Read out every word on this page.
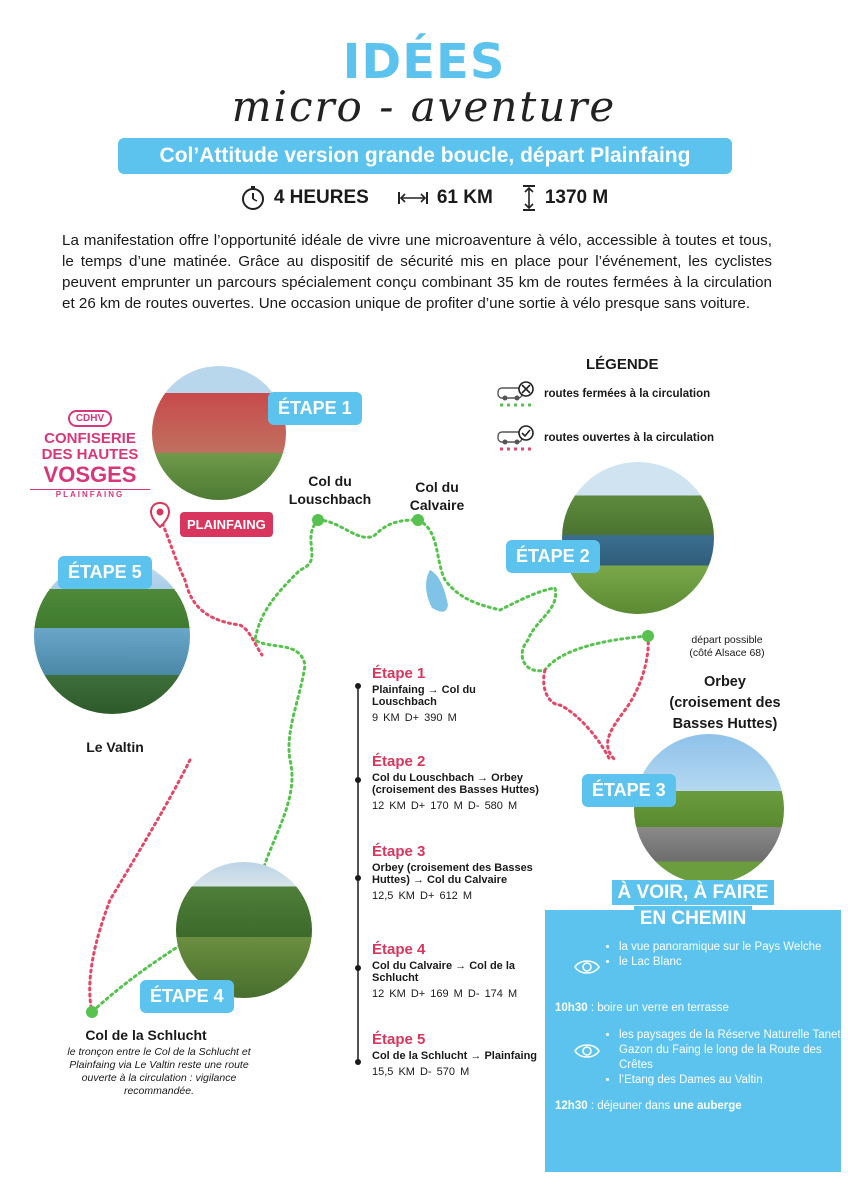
IDÉES
micro - aventure
Col’Attitude version grande boucle, départ Plainfaing
4 HEURES	61 KM	1370 M
La manifestation offre l’opportunité idéale de vivre une microaventure à vélo, accessible à toutes et tous, le temps d’une matinée. Grâce au dispositif de sécurité mis en place pour l’événement, les cyclistes peuvent emprunter un parcours spécialement conçu combinant 35 km de routes fermées à la circulation et 26 km de routes ouvertes. Une occasion unique de profiter d’une sortie à vélo presque sans voiture.
LÉGENDE
routes fermées à la circulation
routes ouvertes à la circulation
CDHV
CONFISERIE
DES HAUTES
VOSGES
PLAINFAING
PLAINFAING
ÉTAPE 1
ÉTAPE 2
ÉTAPE 5
ÉTAPE 3
ÉTAPE 4
Col du
Louschbach
Col du
Calvaire
Le Valtin
départ possible
(côté Alsace 68)
Orbey
(croisement des
Basses Huttes)
Col de la Schlucht
le tronçon entre le Col de la Schlucht et Plainfaing via Le Valtin reste une route ouverte à la circulation : vigilance recommandée.
Étape 1
Plainfaing → Col du Louschbach
9 KM D+ 390 M
Étape 2
Col du Louschbach → Orbey (croisement des Basses Huttes)
12 KM D+ 170 M D- 580 M
Étape 3
Orbey (croisement des Basses Huttes) → Col du Calvaire
12,5 KM D+ 612 M
Étape 4
Col du Calvaire → Col de la Schlucht
12 KM D+ 169 M D- 174 M
Étape 5
Col de la Schlucht → Plainfaing
15,5 KM D- 570 M
À VOIR, À FAIRE
EN CHEMIN
• la vue panoramique sur le Pays Welche
• le Lac Blanc
10h30 : boire un verre en terrasse
• les paysages de la Réserve Naturelle Tanet Gazon du Faing le long de la Route des Crêtes
• l’Etang des Dames au Valtin
12h30 : déjeuner dans une auberge
